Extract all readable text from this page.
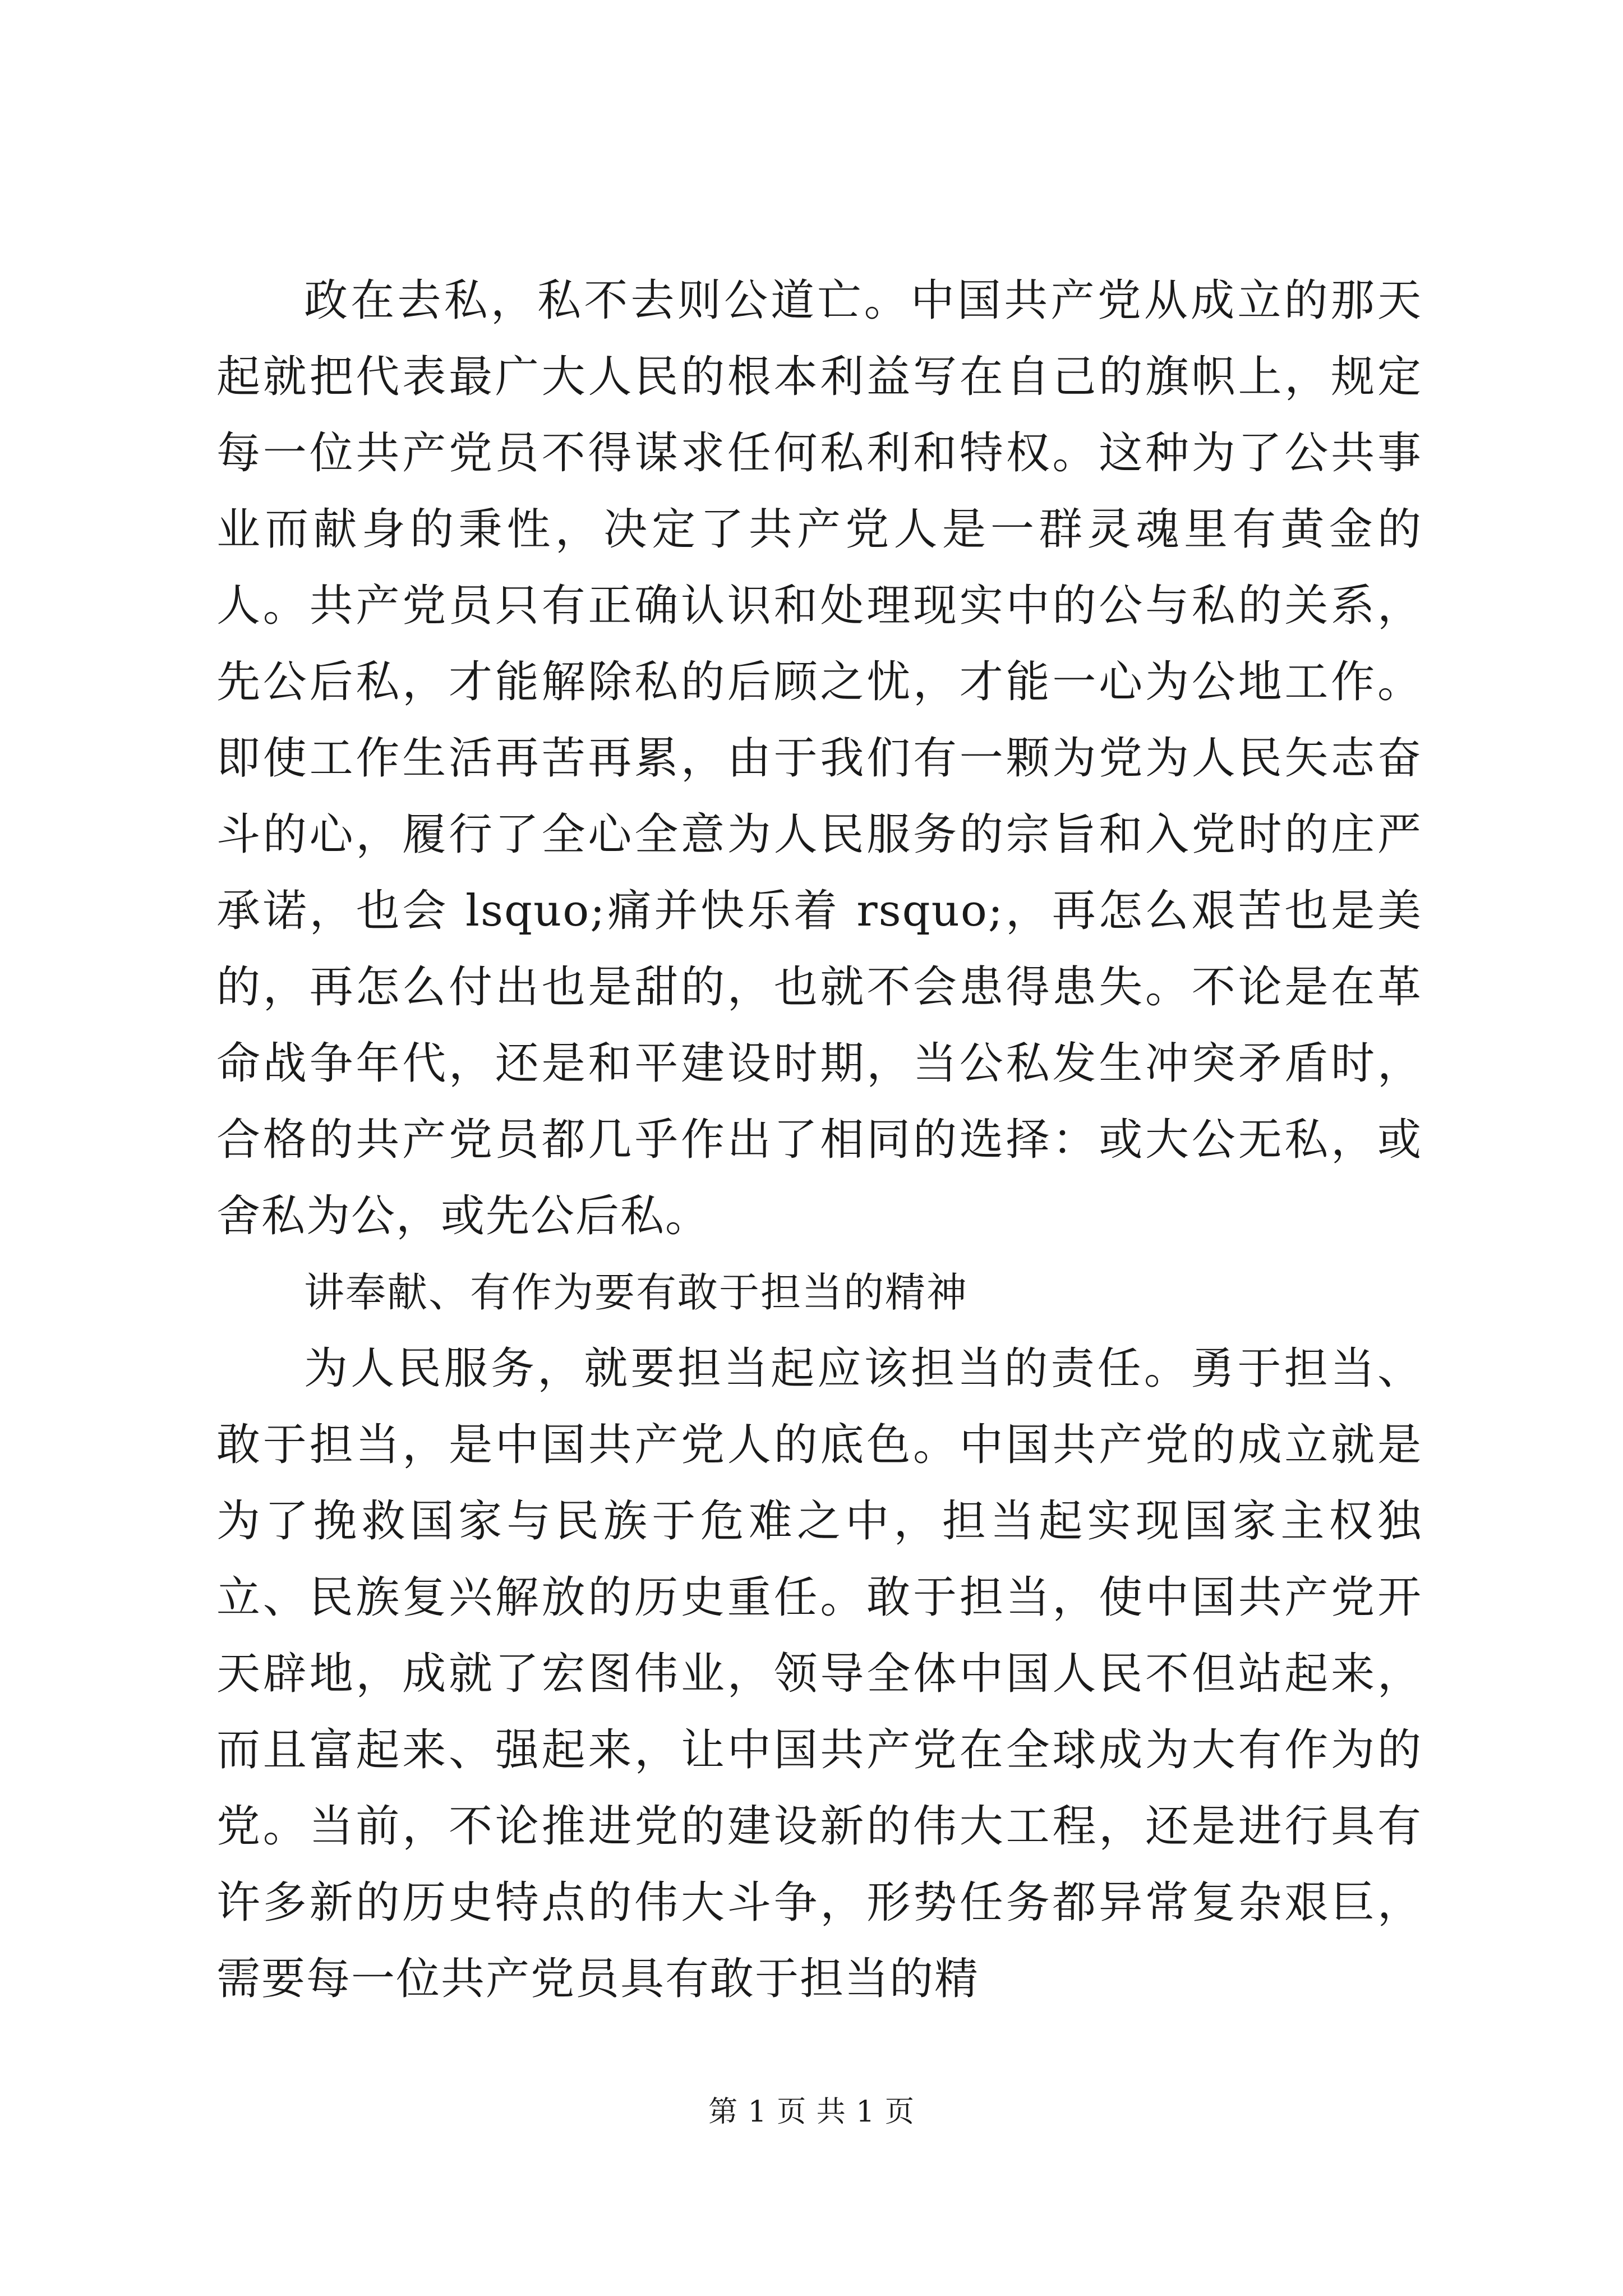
政在去私，私不去则公道亡。中国共产党从成立的那天起就把代表最广大人民的根本利益写在自己的旗帜上，规定每一位共产党员不得谋求任何私利和特权。这种为了公共事业而献身的秉性，决定了共产党人是一群灵魂里有黄金的人。共产党员只有正确认识和处理现实中的公与私的关系，先公后私，才能解除私的后顾之忧，才能一心为公地工作。即使工作生活再苦再累，由于我们有一颗为党为人民矢志奋斗的心，履行了全心全意为人民服务的宗旨和入党时的庄严承诺，也会 lsquo;痛并快乐着 rsquo;，再怎么艰苦也是美的，再怎么付出也是甜的，也就不会患得患失。不论是在革命战争年代，还是和平建设时期，当公私发生冲突矛盾时，合格的共产党员都几乎作出了相同的选择：或大公无私，或舍私为公，或先公后私。

讲奉献、有作为要有敢于担当的精神

为人民服务，就要担当起应该担当的责任。勇于担当、敢于担当，是中国共产党人的底色。中国共产党的成立就是为了挽救国家与民族于危难之中，担当起实现国家主权独立、民族复兴解放的历史重任。敢于担当，使中国共产党开天辟地，成就了宏图伟业，领导全体中国人民不但站起来，而且富起来、强起来，让中国共产党在全球成为大有作为的党。当前，不论推进党的建设新的伟大工程，还是进行具有许多新的历史特点的伟大斗争，形势任务都异常复杂艰巨，需要每一位共产党员具有敢于担当的精

第 1 页 共 1 页
